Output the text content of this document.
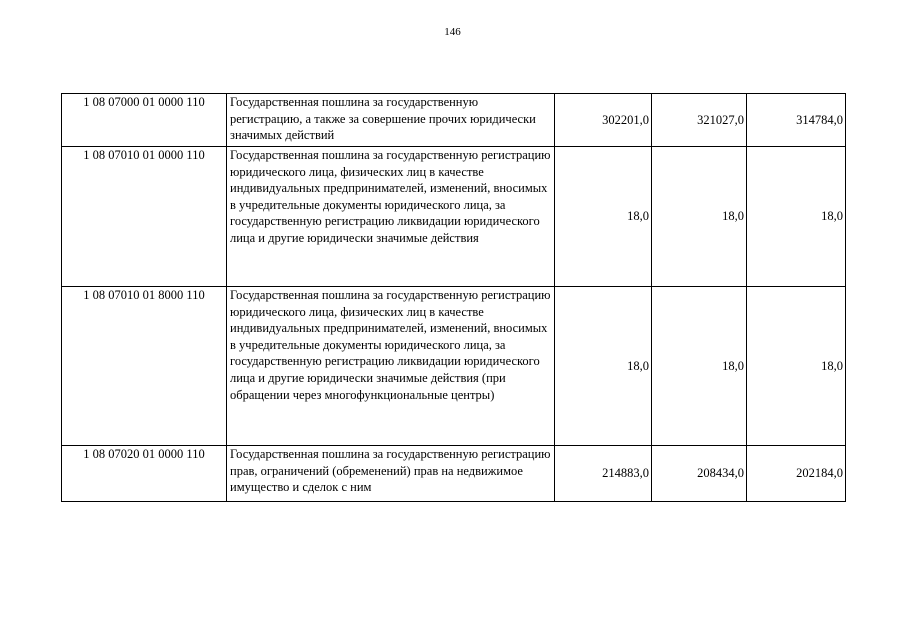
146
1 08 07000 01 0000 110	Государственная пошлина за государственную регистрацию, а также за совершение прочих юридически значимых действий	302201,0	321027,0	314784,0
1 08 07010 01 0000 110	Государственная пошлина за государственную регистрацию юридического лица, физических лиц в качестве индивидуальных предпринимателей, изменений, вносимых в учредительные документы юридического лица, за государственную регистрацию ликвидации юридического лица и другие юридически значимые действия	18,0	18,0	18,0
1 08 07010 01 8000 110	Государственная пошлина за государственную регистрацию юридического лица, физических лиц в качестве индивидуальных предпринимателей, изменений, вносимых в учредительные документы юридического лица, за государственную регистрацию ликвидации юридического лица и другие юридически значимые действия (при обращении через многофункциональные центры)	18,0	18,0	18,0
1 08 07020 01 0000 110	Государственная пошлина за государственную регистрацию прав, ограничений (обременений) прав на недвижимое имущество и сделок с ним	214883,0	208434,0	202184,0
